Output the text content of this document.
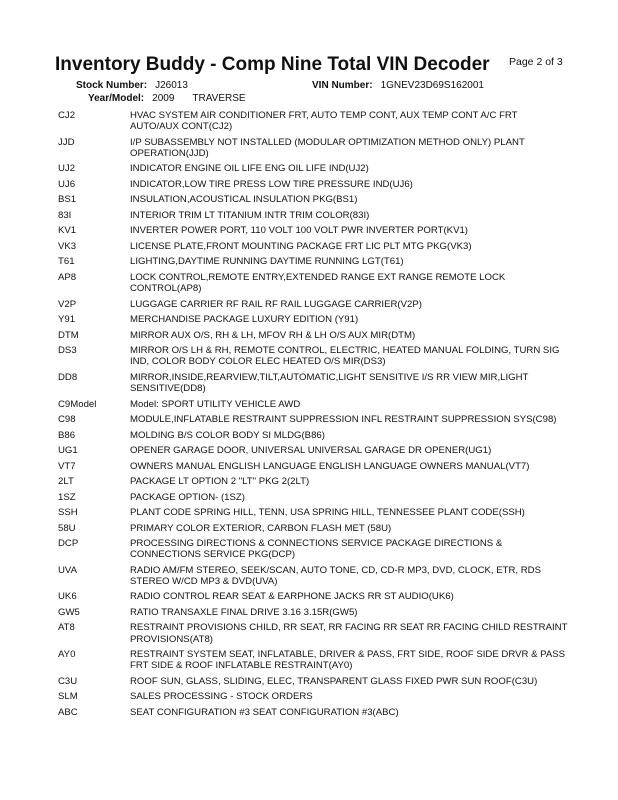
Inventory Buddy - Comp Nine Total VIN Decoder Page 2 of 3
Stock Number: J26013	VIN Number: 1GNEV23D69S162001
Year/Model: 2009 TRAVERSE
CJ2	HVAC SYSTEM AIR CONDITIONER FRT, AUTO TEMP CONT, AUX TEMP CONT A/C FRT AUTO/AUX CONT(CJ2)
JJD	I/P SUBASSEMBLY NOT INSTALLED (MODULAR OPTIMIZATION METHOD ONLY) PLANT OPERATION(JJD)
UJ2	INDICATOR ENGINE OIL LIFE ENG OIL LIFE IND(UJ2)
UJ6	INDICATOR,LOW TIRE PRESS LOW TIRE PRESSURE IND(UJ6)
BS1	INSULATION,ACOUSTICAL INSULATION PKG(BS1)
83I	INTERIOR TRIM LT TITANIUM INTR TRIM COLOR(83I)
KV1	INVERTER POWER PORT, 110 VOLT 100 VOLT PWR INVERTER PORT(KV1)
VK3	LICENSE PLATE,FRONT MOUNTING PACKAGE FRT LIC PLT MTG PKG(VK3)
T61	LIGHTING,DAYTIME RUNNING DAYTIME RUNNING LGT(T61)
AP8	LOCK CONTROL,REMOTE ENTRY,EXTENDED RANGE EXT RANGE REMOTE LOCK CONTROL(AP8)
V2P	LUGGAGE CARRIER RF RAIL RF RAIL LUGGAGE CARRIER(V2P)
Y91	MERCHANDISE PACKAGE LUXURY EDITION (Y91)
DTM	MIRROR AUX O/S, RH & LH, MFOV RH & LH O/S AUX MIR(DTM)
DS3	MIRROR O/S LH & RH, REMOTE CONTROL, ELECTRIC, HEATED MANUAL FOLDING, TURN SIG IND, COLOR BODY COLOR ELEC HEATED O/S MIR(DS3)
DD8	MIRROR,INSIDE,REARVIEW,TILT,AUTOMATIC,LIGHT SENSITIVE I/S RR VIEW MIR,LIGHT SENSITIVE(DD8)
C9Model	Model: SPORT UTILITY VEHICLE AWD
C98	MODULE,INFLATABLE RESTRAINT SUPPRESSION INFL RESTRAINT SUPPRESSION SYS(C98)
B86	MOLDING B/S COLOR BODY SI MLDG(B86)
UG1	OPENER GARAGE DOOR, UNIVERSAL UNIVERSAL GARAGE DR OPENER(UG1)
VT7	OWNERS MANUAL ENGLISH LANGUAGE ENGLISH LANGUAGE OWNERS MANUAL(VT7)
2LT	PACKAGE LT OPTION 2 "LT" PKG 2(2LT)
1SZ	PACKAGE OPTION- (1SZ)
SSH	PLANT CODE SPRING HILL, TENN, USA SPRING HILL, TENNESSEE PLANT CODE(SSH)
58U	PRIMARY COLOR EXTERIOR, CARBON FLASH MET (58U)
DCP	PROCESSING DIRECTIONS & CONNECTIONS SERVICE PACKAGE DIRECTIONS & CONNECTIONS SERVICE PKG(DCP)
UVA	RADIO AM/FM STEREO, SEEK/SCAN, AUTO TONE, CD, CD-R MP3, DVD, CLOCK, ETR, RDS STEREO W/CD MP3 & DVD(UVA)
UK6	RADIO CONTROL REAR SEAT & EARPHONE JACKS RR ST AUDIO(UK6)
GW5	RATIO TRANSAXLE FINAL DRIVE 3.16 3.15R(GW5)
AT8	RESTRAINT PROVISIONS CHILD, RR SEAT, RR FACING RR SEAT RR FACING CHILD RESTRAINT PROVISIONS(AT8)
AY0	RESTRAINT SYSTEM SEAT, INFLATABLE, DRIVER & PASS, FRT SIDE, ROOF SIDE DRVR & PASS FRT SIDE & ROOF INFLATABLE RESTRAINT(AY0)
C3U	ROOF SUN, GLASS, SLIDING, ELEC, TRANSPARENT GLASS FIXED PWR SUN ROOF(C3U)
SLM	SALES PROCESSING - STOCK ORDERS
ABC	SEAT CONFIGURATION #3 SEAT CONFIGURATION #3(ABC)
